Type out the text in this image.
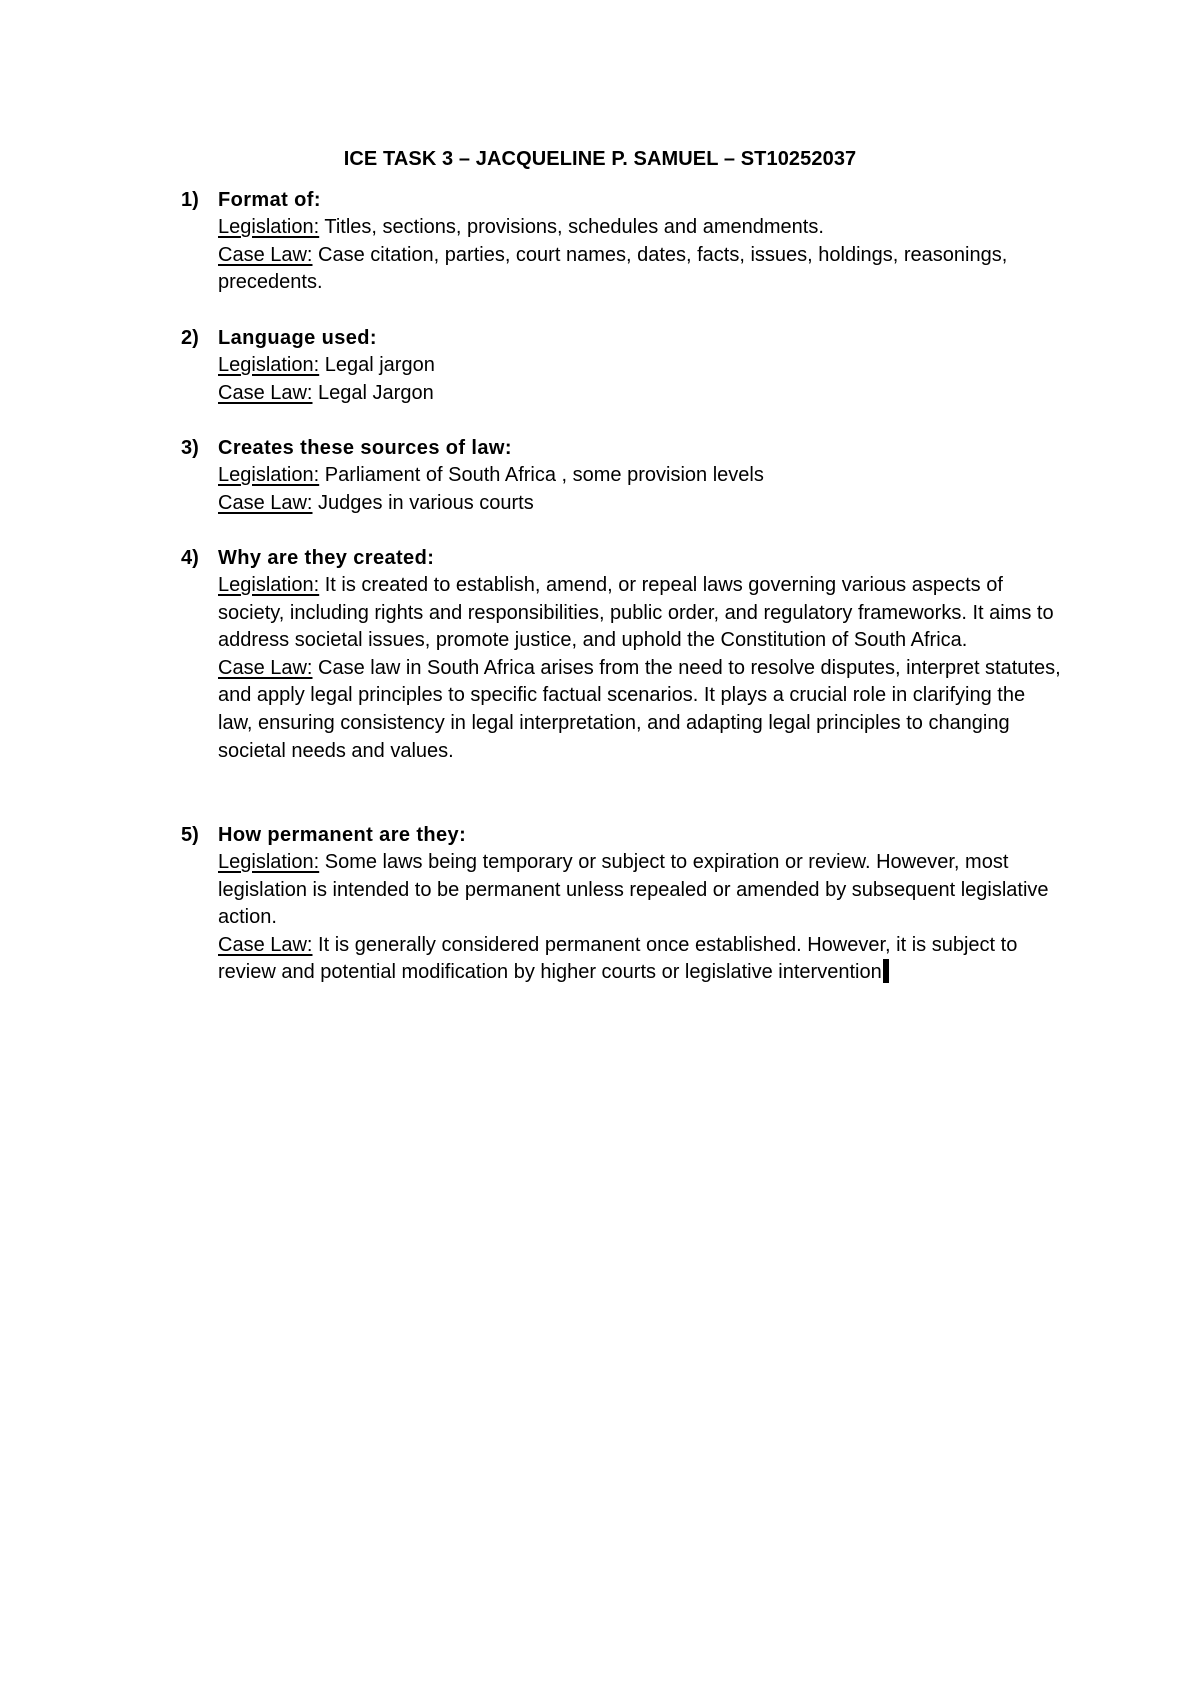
ICE TASK 3 – JACQUELINE P. SAMUEL – ST10252037
1) Format of:
Legislation: Titles, sections, provisions, schedules and amendments.
Case Law: Case citation, parties, court names, dates, facts, issues, holdings, reasonings, precedents.
2) Language used:
Legislation: Legal jargon
Case Law: Legal Jargon
3) Creates these sources of law:
Legislation: Parliament of South Africa , some provision levels
Case Law: Judges in various courts
4) Why are they created:
Legislation: It is created to establish, amend, or repeal laws governing various aspects of society, including rights and responsibilities, public order, and regulatory frameworks. It aims to address societal issues, promote justice, and uphold the Constitution of South Africa.
Case Law: Case law in South Africa arises from the need to resolve disputes, interpret statutes, and apply legal principles to specific factual scenarios. It plays a crucial role in clarifying the law, ensuring consistency in legal interpretation, and adapting legal principles to changing societal needs and values.
5) How permanent are they:
Legislation: Some laws being temporary or subject to expiration or review. However, most legislation is intended to be permanent unless repealed or amended by subsequent legislative action.
Case Law: It is generally considered permanent once established. However, it is subject to review and potential modification by higher courts or legislative intervention
